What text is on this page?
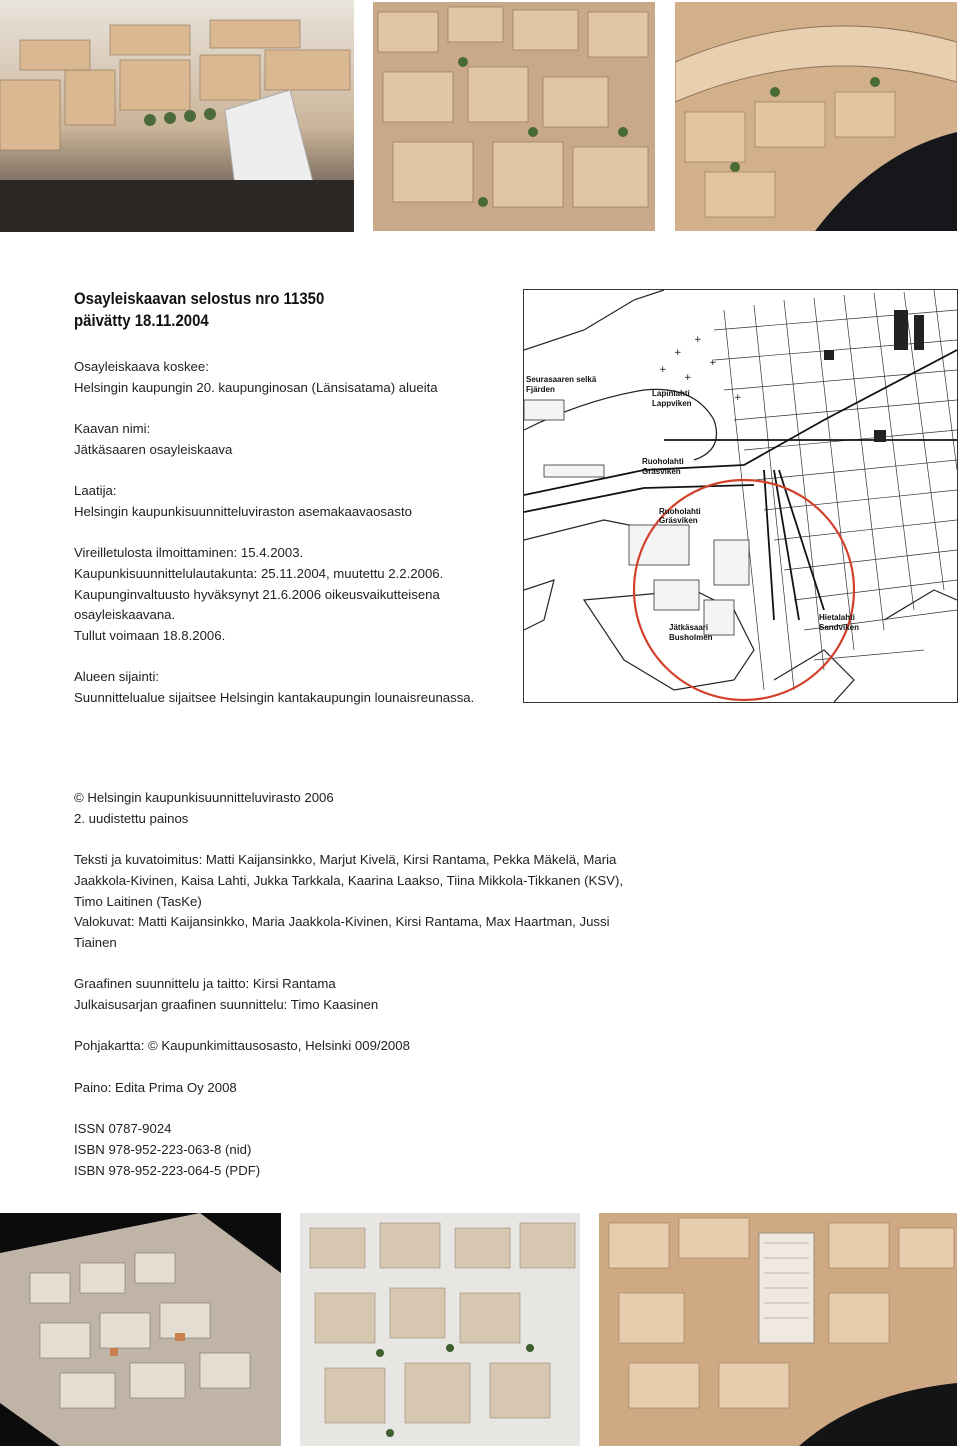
Osayleiskaavan selostus nro 11350
päivätty 18.11.2004
Osayleiskaava koskee:
Helsingin kaupungin 20. kaupunginosan (Länsisatama) alueita
Kaavan nimi:
Jätkäsaaren osayleiskaava
Laatija:
Helsingin kaupunkisuunnitteluviraston asemakaavaosasto
Vireilletulosta ilmoittaminen: 15.4.2003.
Kaupunkisuunnittelulautakunta: 25.11.2004, muutettu 2.2.2006.
Kaupunginvaltuusto hyväksynyt 21.6.2006 oikeusvaikutteisena
osayleiskaavana.
Tullut voimaan 18.8.2006.
Alueen sijainti:
Suunnittelualue sijaitsee Helsingin kantakaupungin lounaisreunassa.
+
+
+
+
+
+
Lapinlahti
Lappviken
Ruoholahti
Gräsviken
Ruoholahti
Gräsviken
Jätkäsaari
Busholmen
Hietalahti
Sandviken
Seurasaaren selkä
Fjärden
© Helsingin kaupunkisuunnitteluvirasto 2006
2. uudistettu painos
Teksti ja kuvatoimitus: Matti Kaijansinkko, Marjut Kivelä, Kirsi Rantama, Pekka Mäkelä, Maria
Jaakkola-Kivinen, Kaisa Lahti, Jukka Tarkkala, Kaarina Laakso, Tiina Mikkola-Tikkanen (KSV),
Timo Laitinen (TasKe)
Valokuvat: Matti Kaijansinkko, Maria Jaakkola-Kivinen, Kirsi Rantama, Max Haartman, Jussi
Tiainen
Graafinen suunnittelu ja taitto: Kirsi Rantama
Julkaisusarjan graafinen suunnittelu: Timo Kaasinen
Pohjakartta: © Kaupunkimittausosasto, Helsinki 009/2008
Paino: Edita Prima Oy 2008
ISSN 0787-9024
ISBN 978-952-223-063-8 (nid)
ISBN 978-952-223-064-5 (PDF)
